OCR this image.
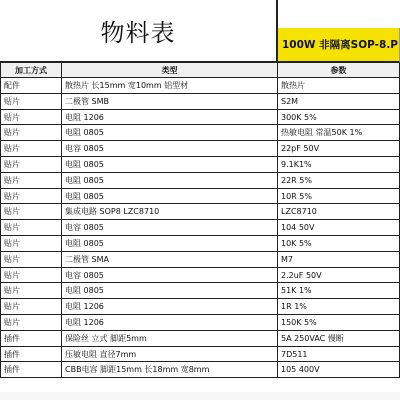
物料表	100W 非隔离SOP-8.P
加工方式	类型	参数
配件	散热片 长15mm 宽10mm 铝型材	散热片
贴片	二极管 SMB	S2M
贴片	电阻 1206	300K 5%
贴片	电阻 0805	热敏电阻 常温50K 1%
贴片	电容 0805	22pF 50V
贴片	电阻 0805	9.1K1%
贴片	电阻 0805	22R 5%
贴片	电阻 0805	10R 5%
贴片	集成电路 SOP8 LZC8710	LZC8710
贴片	电容 0805	104 50V
贴片	电阻 0805	10K 5%
贴片	二极管 SMA	M7
贴片	电容 0805	2.2uF 50V
贴片	电阻 0805	51K 1%
贴片	电阻 1206	1R 1%
贴片	电阻 1206	150K 5%
插件	保险丝 立式 脚距5mm	5A 250VAC 慢断
插件	压敏电阻 直径7mm	7D511
插件	CBB电容 脚距15mm 长18mm 宽8mm	105 400V
